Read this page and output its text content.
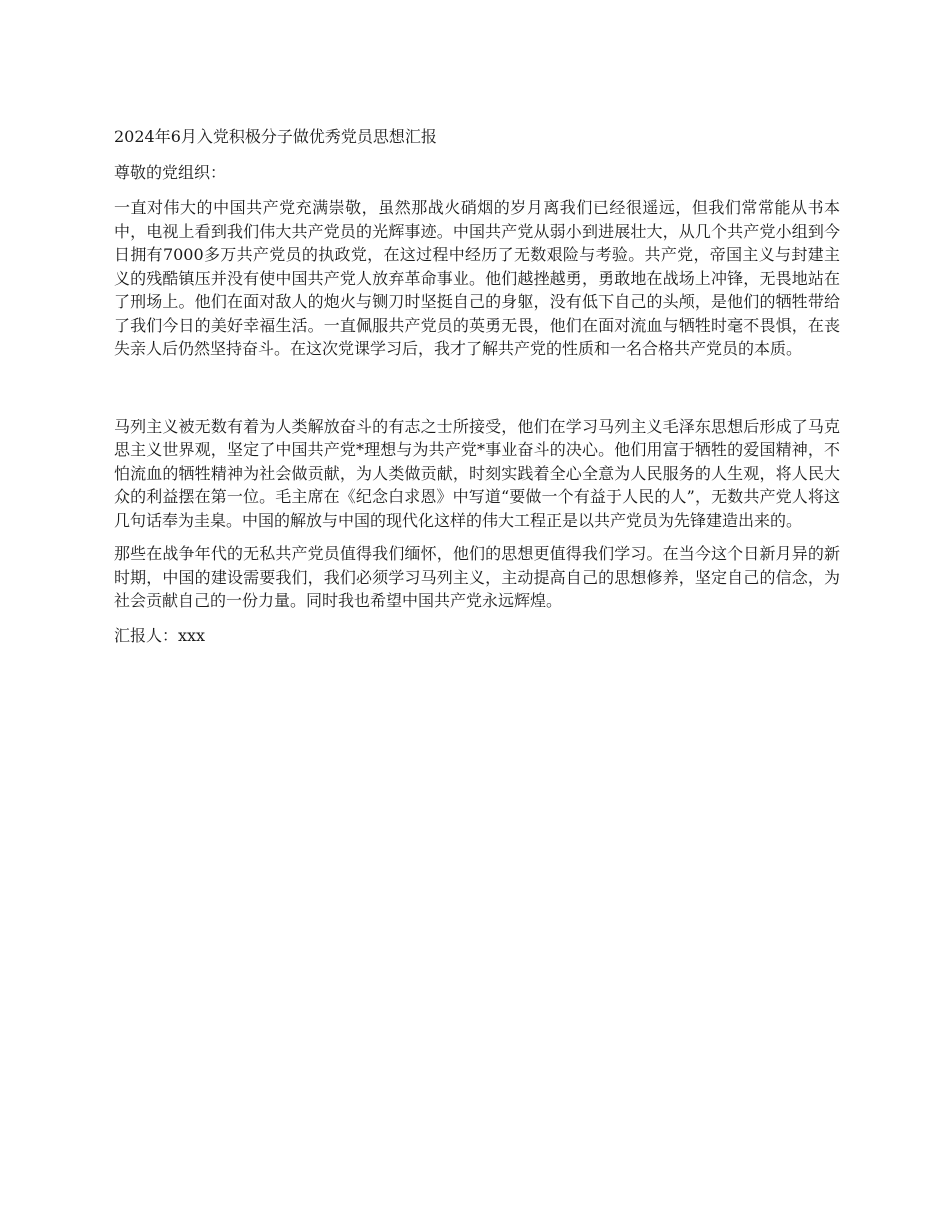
2024年6月入党积极分子做优秀党员思想汇报

尊敬的党组织：

一直对伟大的中国共产党充满崇敬，虽然那战火硝烟的岁月离我们已经很遥远，但我们常常能从书本中，电视上看到我们伟大共产党员的光辉事迹。中国共产党从弱小到进展壮大，从几个共产党小组到今日拥有7000多万共产党员的执政党，在这过程中经历了无数艰险与考验。共产党，帝国主义与封建主义的残酷镇压并没有使中国共产党人放弃革命事业。他们越挫越勇，勇敢地在战场上冲锋，无畏地站在了刑场上。他们在面对敌人的炮火与铡刀时坚挺自己的身躯，没有低下自己的头颅，是他们的牺牲带给了我们今日的美好幸福生活。一直佩服共产党员的英勇无畏，他们在面对流血与牺牲时毫不畏惧，在丧失亲人后仍然坚持奋斗。在这次党课学习后，我才了解共产党的性质和一名合格共产党员的本质。

马列主义被无数有着为人类解放奋斗的有志之士所接受，他们在学习马列主义毛泽东思想后形成了马克思主义世界观，坚定了中国共产党*理想与为共产党*事业奋斗的决心。他们用富于牺牲的爱国精神，不怕流血的牺牲精神为社会做贡献，为人类做贡献，时刻实践着全心全意为人民服务的人生观，将人民大众的利益摆在第一位。毛主席在《纪念白求恩》中写道“要做一个有益于人民的人”，无数共产党人将这几句话奉为圭臬。中国的解放与中国的现代化这样的伟大工程正是以共产党员为先锋建造出来的。

那些在战争年代的无私共产党员值得我们缅怀，他们的思想更值得我们学习。在当今这个日新月异的新时期，中国的建设需要我们，我们必须学习马列主义，主动提高自己的思想修养，坚定自己的信念，为社会贡献自己的一份力量。同时我也希望中国共产党永远辉煌。

汇报人：xxx
